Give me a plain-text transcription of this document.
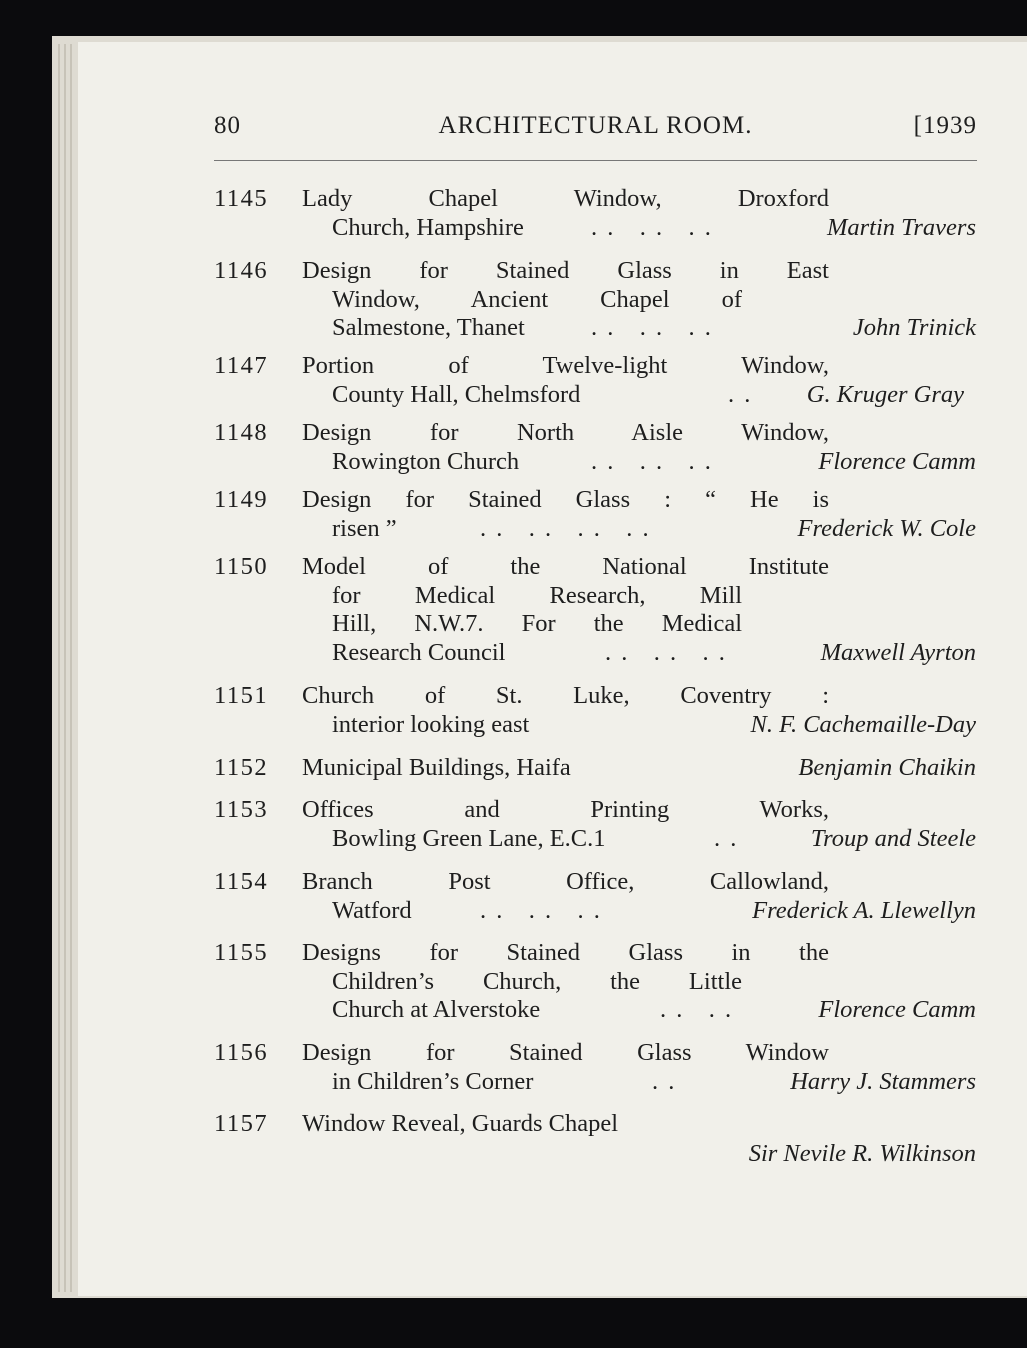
80	ARCHITECTURAL ROOM.	[1939
1145 Lady Chapel Window, Droxford
Church, Hampshire	. .   . .   . .	Martin Travers
1146 Design for Stained Glass in East
Window, Ancient Chapel of
Salmestone, Thanet	. .   . .   . .	John Trinick
1147 Portion of Twelve-light Window,
County Hall, Chelmsford	. . G. Kruger Gray
1148 Design for North Aisle Window,
Rowington Church	. .   . .   . .	Florence Camm
1149 Design for Stained Glass : “ He is
risen ”	. .   . .   . .   . .	Frederick W. Cole
1150 Model of the National Institute
for Medical Research, Mill
Hill, N.W.7. For the Medical
Research Council	. .   . .   . .	Maxwell Ayrton
1151 Church of St. Luke, Coventry :
interior looking east	N. F. Cachemaille-Day
1152 Municipal Buildings, Haifa	Benjamin Chaikin
1153 Offices and Printing Works,
Bowling Green Lane, E.C.1	. .	Troup and Steele
1154 Branch Post Office, Callowland,
Watford	. .   . .   . .	Frederick A. Llewellyn
1155 Designs for Stained Glass in the
Children’s Church, the Little
Church at Alverstoke	. .   . .	Florence Camm
1156 Design for Stained Glass Window
in Children’s Corner	. .	Harry J. Stammers
1157 Window Reveal, Guards Chapel
Sir Nevile R. Wilkinson
